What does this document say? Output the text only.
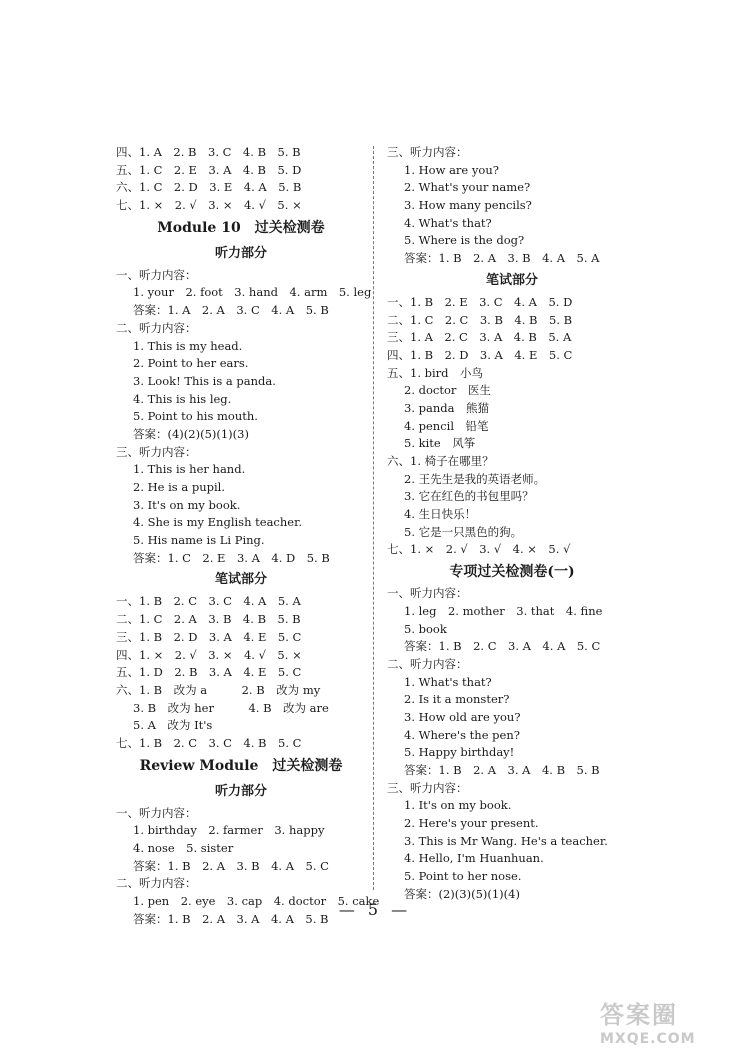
四、1. A　2. B　3. C　4. B　5. B
五、1. C　2. E　3. A　4. B　5. D
六、1. C　2. D　3. E　4. A　5. B
七、1. ×　2. √　3. ×　4. √　5. ×
Module 10　过关检测卷
听力部分
一、听力内容：
1. your　2. foot　3. hand　4. arm　5. leg
答案：1. A　2. A　3. C　4. A　5. B
二、听力内容：
1. This is my head.
2. Point to her ears.
3. Look! This is a panda.
4. This is his leg.
5. Point to his mouth.
答案：(4)(2)(5)(1)(3)
三、听力内容：
1. This is her hand.
2. He is a pupil.
3. It's on my book.
4. She is my English teacher.
5. His name is Li Ping.
答案：1. C　2. E　3. A　4. D　5. B
笔试部分
一、1. B　2. C　3. C　4. A　5. A
二、1. C　2. A　3. B　4. B　5. B
三、1. B　2. D　3. A　4. E　5. C
四、1. ×　2. √　3. ×　4. √　5. ×
五、1. D　2. B　3. A　4. E　5. C
六、1. B　改为 a　　　2. B　改为 my
3. B　改为 her　　　4. B　改为 are
5. A　改为 It's
七、1. B　2. C　3. C　4. B　5. C
Review Module　过关检测卷
听力部分
一、听力内容：
1. birthday　2. farmer　3. happy
4. nose　5. sister
答案：1. B　2. A　3. B　4. A　5. C
二、听力内容：
1. pen　2. eye　3. cap　4. doctor　5. cake
答案：1. B　2. A　3. A　4. A　5. B
三、听力内容：
1. How are you?
2. What's your name?
3. How many pencils?
4. What's that?
5. Where is the dog?
答案：1. B　2. A　3. B　4. A　5. A
笔试部分
一、1. B　2. E　3. C　4. A　5. D
二、1. C　2. C　3. B　4. B　5. B
三、1. A　2. C　3. A　4. B　5. A
四、1. B　2. D　3. A　4. E　5. C
五、1. bird　小鸟
2. doctor　医生
3. panda　熊猫
4. pencil　铅笔
5. kite　风筝
六、1. 椅子在哪里？
2. 王先生是我的英语老师。
3. 它在红色的书包里吗？
4. 生日快乐！
5. 它是一只黑色的狗。
七、1. ×　2. √　3. √　4. ×　5. √
专项过关检测卷(一)
一、听力内容：
1. leg　2. mother　3. that　4. fine
5. book
答案：1. B　2. C　3. A　4. A　5. C
二、听力内容：
1. What's that?
2. Is it a monster?
3. How old are you?
4. Where's the pen?
5. Happy birthday!
答案：1. B　2. A　3. A　4. B　5. B
三、听力内容：
1. It's on my book.
2. Here's your present.
3. This is Mr Wang. He's a teacher.
4. Hello, I'm Huanhuan.
5. Point to her nose.
答案：(2)(3)(5)(1)(4)
— 5 —
答案圈
MXQE.COM
